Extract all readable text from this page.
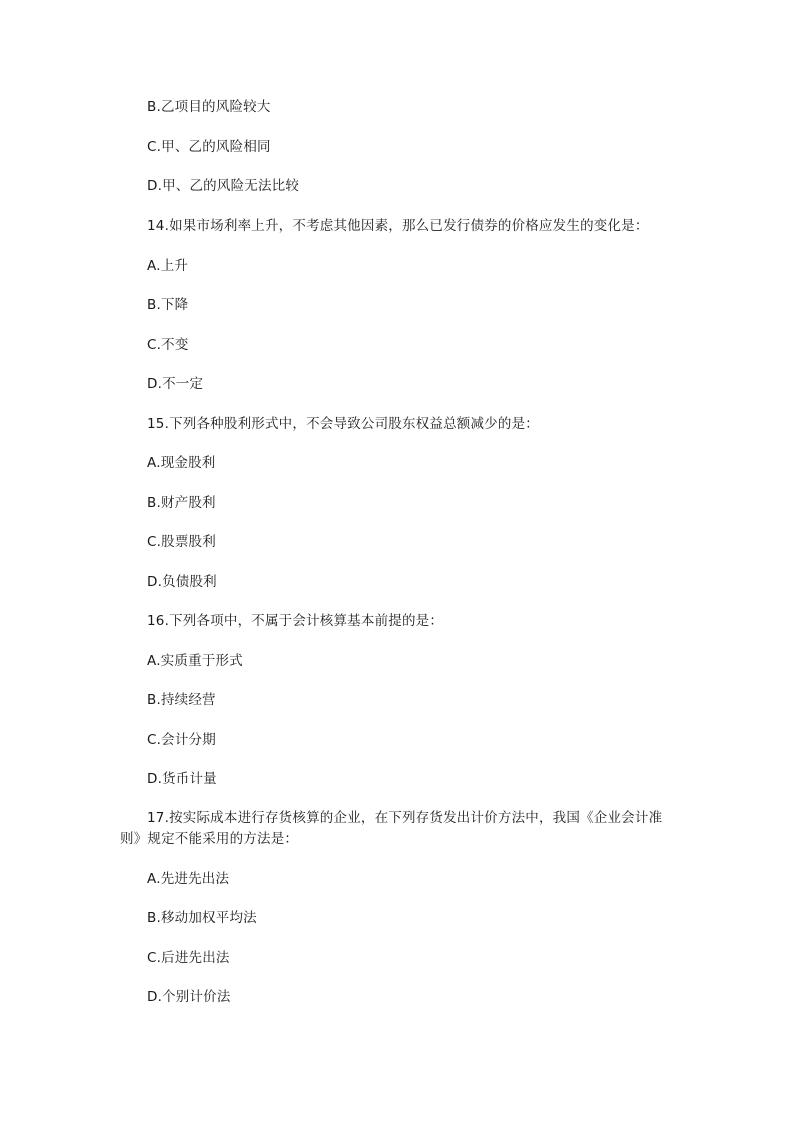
B.乙项目的风险较大
C.甲、乙的风险相同
D.甲、乙的风险无法比较
14.如果市场利率上升，不考虑其他因素，那么已发行债券的价格应发生的变化是：
A.上升
B.下降
C.不变
D.不一定
15.下列各种股利形式中，不会导致公司股东权益总额减少的是：
A.现金股利
B.财产股利
C.股票股利
D.负债股利
16.下列各项中，不属于会计核算基本前提的是：
A.实质重于形式
B.持续经营
C.会计分期
D.货币计量
17.按实际成本进行存货核算的企业，在下列存货发出计价方法中，我国《企业会计准则》规定不能采用的方法是：
A.先进先出法
B.移动加权平均法
C.后进先出法
D.个别计价法
